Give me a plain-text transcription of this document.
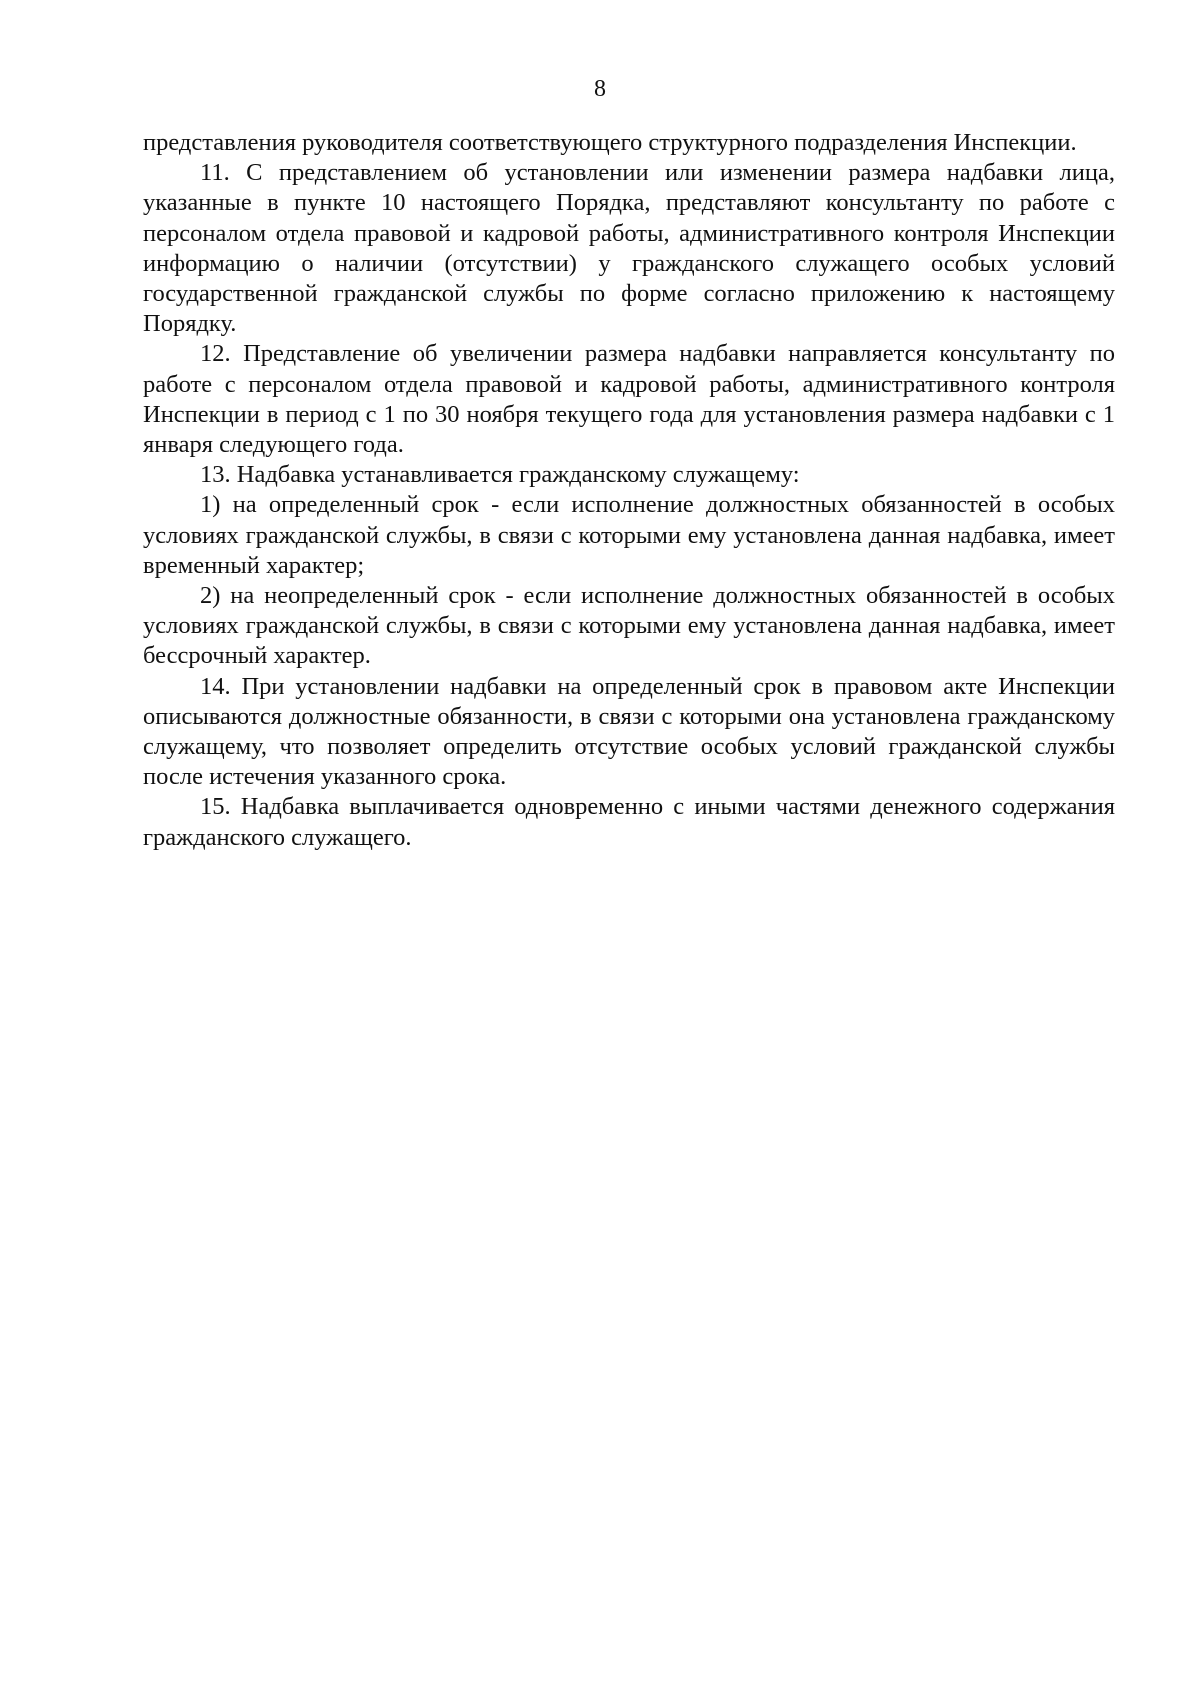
8

представления руководителя соответствующего структурного подразделения Инспекции.

11. С представлением об установлении или изменении размера надбавки лица, указанные в пункте 10 настоящего Порядка, представляют консультанту по работе с персоналом отдела правовой и кадровой работы, административного контроля Инспекции информацию о наличии (отсутствии) у гражданского служащего особых условий государственной гражданской службы по форме согласно приложению к настоящему Порядку.

12. Представление об увеличении размера надбавки направляется консультанту по работе с персоналом отдела правовой и кадровой работы, административного контроля Инспекции в период с 1 по 30 ноября текущего года для установления размера надбавки с 1 января следующего года.

13. Надбавка устанавливается гражданскому служащему:

1) на определенный срок - если исполнение должностных обязанностей в особых условиях гражданской службы, в связи с которыми ему установлена данная надбавка, имеет временный характер;

2) на неопределенный срок - если исполнение должностных обязанностей в особых условиях гражданской службы, в связи с которыми ему установлена данная надбавка, имеет бессрочный характер.

14. При установлении надбавки на определенный срок в правовом акте Инспекции описываются должностные обязанности, в связи с которыми она установлена гражданскому служащему, что позволяет определить отсутствие особых условий гражданской службы после истечения указанного срока.

15. Надбавка выплачивается одновременно с иными частями денежного содержания гражданского служащего.
